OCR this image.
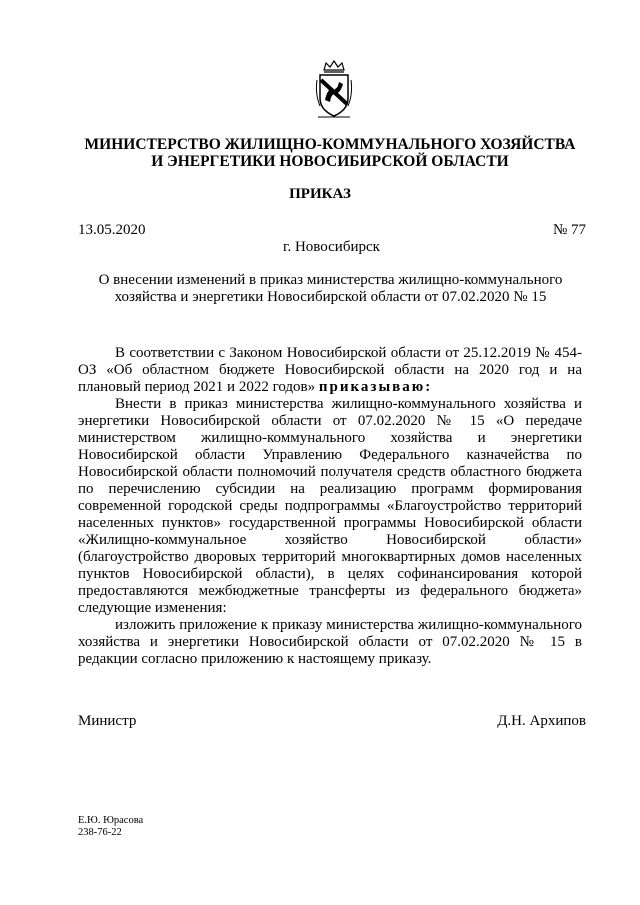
МИНИСТЕРСТВО ЖИЛИЩНО-КОММУНАЛЬНОГО ХОЗЯЙСТВА
И ЭНЕРГЕТИКИ НОВОСИБИРСКОЙ ОБЛАСТИ
ПРИКАЗ
13.05.2020	№ 77
г. Новосибирск
О внесении изменений в приказ министерства жилищно-коммунального хозяйства и энергетики Новосибирской области от 07.02.2020 № 15

В соответствии с Законом Новосибирской области от 25.12.2019 № 454-ОЗ «Об областном бюджете Новосибирской области на 2020 год и на плановый период 2021 и 2022 годов» приказываю:

Внести в приказ министерства жилищно-коммунального хозяйства и энергетики Новосибирской области от 07.02.2020 № 15 «О передаче министерством жилищно-коммунального хозяйства и энергетики Новосибирской области Управлению Федерального казначейства по Новосибирской области полномочий получателя средств областного бюджета по перечислению субсидии на реализацию программ формирования современной городской среды подпрограммы «Благоустройство территорий населенных пунктов» государственной программы Новосибирской области «Жилищно-коммунальное хозяйство Новосибирской области» (благоустройство дворовых территорий многоквартирных домов населенных пунктов Новосибирской области), в целях софинансирования которой предоставляются межбюджетные трансферты из федерального бюджета» следующие изменения:

изложить приложение к приказу министерства жилищно-коммунального хозяйства и энергетики Новосибирской области от 07.02.2020 № 15 в редакции согласно приложению к настоящему приказу.

Министр	Д.Н. Архипов
Е.Ю. Юрасова
238-76-22
